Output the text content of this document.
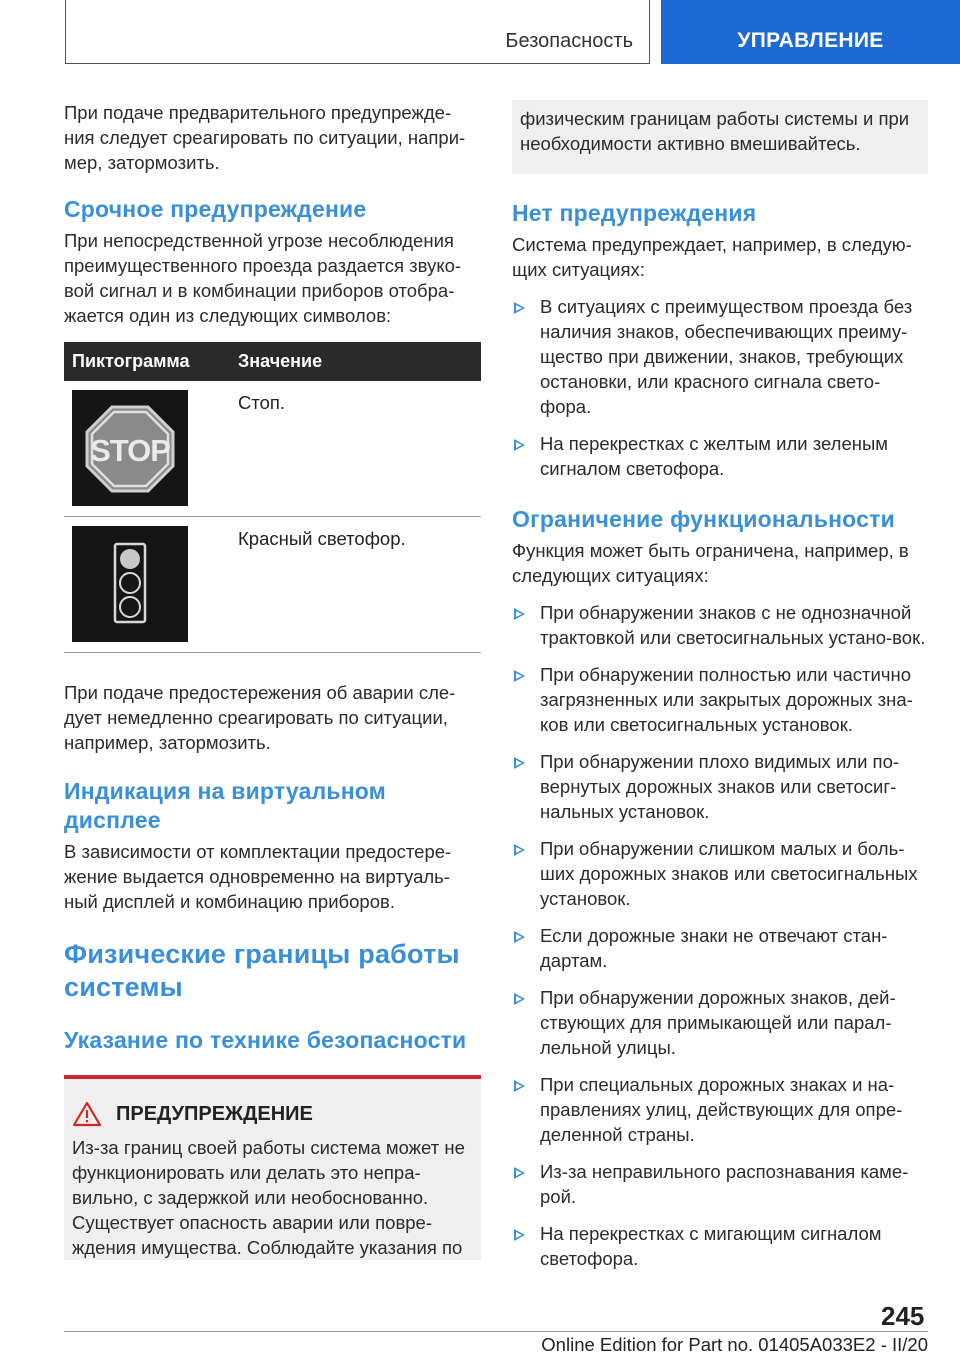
Безопасность	УПРАВЛЕНИЕ

При подаче предварительного предупрежде-ния следует среагировать по ситуации, напри-мер, затормозить.

Срочное предупреждение

При непосредственной угрозе несоблюдения преимущественного проезда раздается звуко-вой сигнал и в комбинации приборов отобра-жается один из следующих символов:

Пиктограмма	Значение
STOP
Стоп.
Красный светофор.

При подаче предостережения об аварии сле-дует немедленно среагировать по ситуации, например, затормозить.

Индикация на виртуальном дисплее

В зависимости от комплектации предостере-жение выдается одновременно на виртуаль-ный дисплей и комбинацию приборов.

Физические границы работы системы
Указание по технике безопасности
ПРЕДУПРЕЖДЕНИЕ

Из-за границ своей работы система может не функционировать или делать это непра-вильно, с задержкой или необоснованно. Существует опасность аварии или повре-ждения имущества. Соблюдайте указания по

физическим границам работы системы и при необходимости активно вмешивайтесь.

Нет предупреждения

Система предупреждает, например, в следую-щих ситуациях:

В ситуациях с преимуществом проезда без наличия знаков, обеспечивающих преиму-щество при движении, знаков, требующих остановки, или красного сигнала свето-фора.
На перекрестках с желтым или зеленым сигналом светофора.
Ограничение функциональности

Функция может быть ограничена, например, в следующих ситуациях:

При обнаружении знаков с не однозначной трактовкой или светосигнальных устано-вок.
При обнаружении полностью или частично загрязненных или закрытых дорожных зна-ков или светосигнальных установок.
При обнаружении плохо видимых или по-вернутых дорожных знаков или светосиг-нальных установок.
При обнаружении слишком малых и боль-ших дорожных знаков или светосигнальных установок.
Если дорожные знаки не отвечают стан-дартам.
При обнаружении дорожных знаков, дей-ствующих для примыкающей или парал-лельной улицы.
При специальных дорожных знаках и на-правлениях улиц, действующих для опре-деленной страны.
Из-за неправильного распознавания каме-рой.
На перекрестках с мигающим сигналом светофора.
245
Online Edition for Part no. 01405A033E2 - II/20
